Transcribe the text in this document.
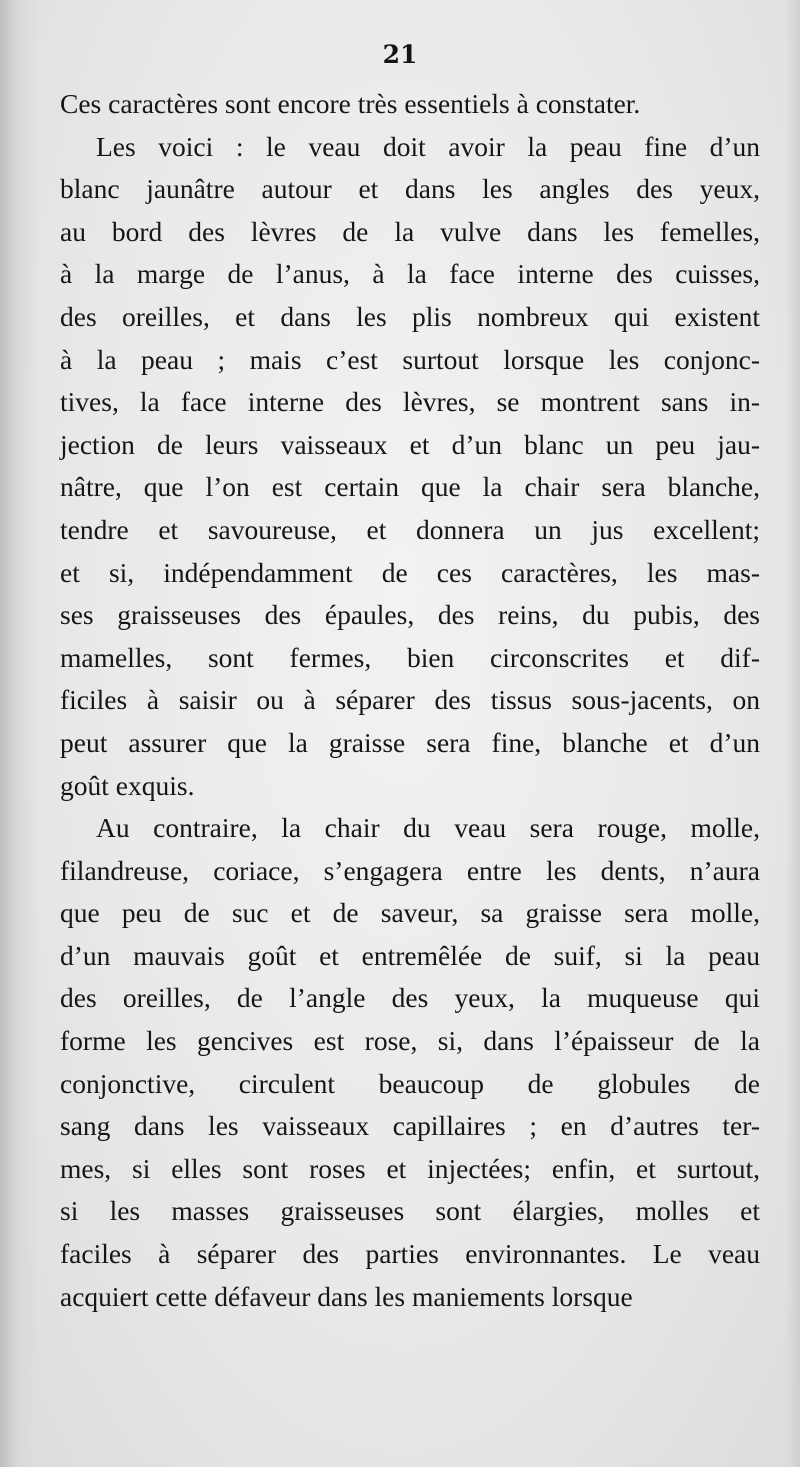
21

Ces caractères sont encore très essentiels à constater.
Les voici : le veau doit avoir la peau fine d’un
blanc jaunâtre autour et dans les angles des yeux,
au bord des lèvres de la vulve dans les femelles,
à la marge de l’anus, à la face interne des cuisses,
des oreilles, et dans les plis nombreux qui existent
à la peau ; mais c’est surtout lorsque les conjonc-
tives, la face interne des lèvres, se montrent sans in-
jection de leurs vaisseaux et d’un blanc un peu jau-
nâtre, que l’on est certain que la chair sera blanche,
tendre et savoureuse, et donnera un jus excellent;
et si, indépendamment de ces caractères, les mas-
ses graisseuses des épaules, des reins, du pubis, des
mamelles, sont fermes, bien circonscrites et dif-
ficiles à saisir ou à séparer des tissus sous-jacents, on
peut assurer que la graisse sera fine, blanche et d’un
goût exquis.
Au contraire, la chair du veau sera rouge, molle,
filandreuse, coriace, s’engagera entre les dents, n’aura
que peu de suc et de saveur, sa graisse sera molle,
d’un mauvais goût et entremêlée de suif, si la peau
des oreilles, de l’angle des yeux, la muqueuse qui
forme les gencives est rose, si, dans l’épaisseur de la
conjonctive, circulent beaucoup de globules de
sang dans les vaisseaux capillaires ; en d’autres ter-
mes, si elles sont roses et injectées; enfin, et surtout,
si les masses graisseuses sont élargies, molles et
faciles à séparer des parties environnantes. Le veau
acquiert cette défaveur dans les maniements lorsque
